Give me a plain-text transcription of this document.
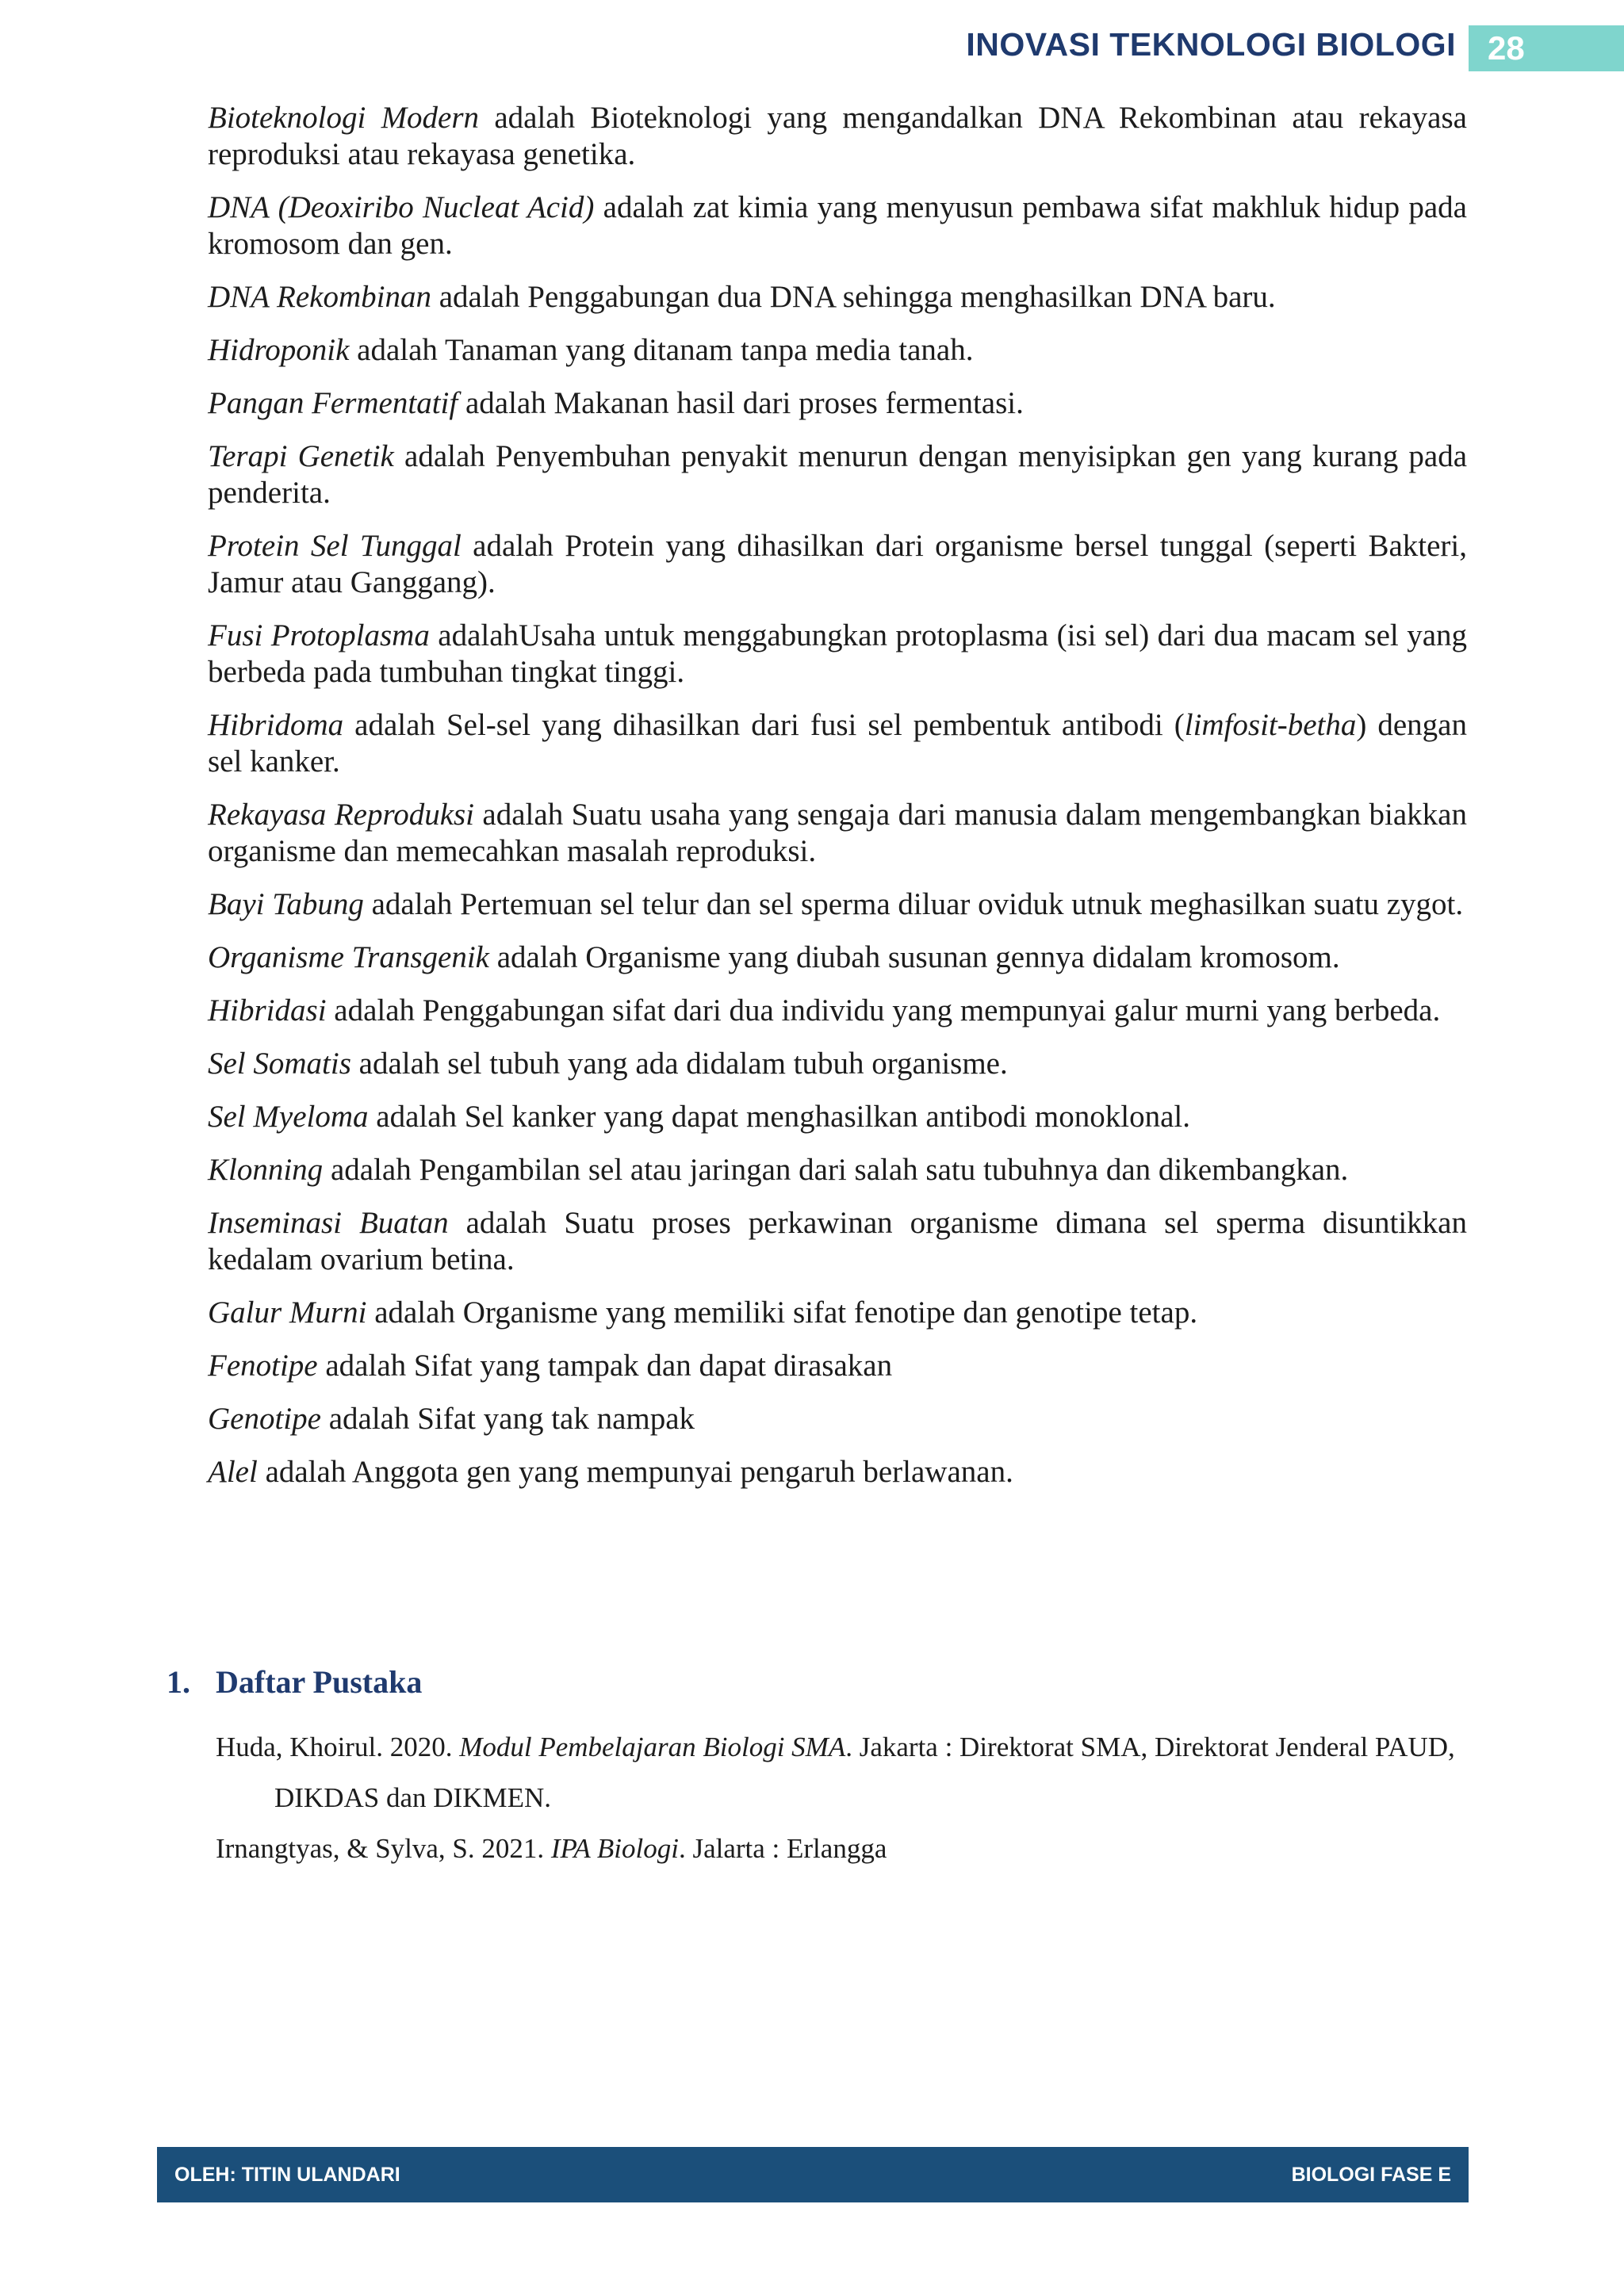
INOVASI TEKNOLOGI BIOLOGI 28

Bioteknologi Modern adalah Bioteknologi yang mengandalkan DNA Rekombinan atau rekayasa reproduksi atau rekayasa genetika.

DNA (Deoxiribo Nucleat Acid) adalah zat kimia yang menyusun pembawa sifat makhluk hidup pada kromosom dan gen.

DNA Rekombinan adalah Penggabungan dua DNA sehingga menghasilkan DNA baru.

Hidroponik adalah Tanaman yang ditanam tanpa media tanah.

Pangan Fermentatif adalah Makanan hasil dari proses fermentasi.

Terapi Genetik adalah Penyembuhan penyakit menurun dengan menyisipkan gen yang kurang pada penderita.

Protein Sel Tunggal adalah Protein yang dihasilkan dari organisme bersel tunggal (seperti Bakteri, Jamur atau Ganggang).

Fusi Protoplasma adalahUsaha untuk menggabungkan protoplasma (isi sel) dari dua macam sel yang berbeda pada tumbuhan tingkat tinggi.

Hibridoma adalah Sel-sel yang dihasilkan dari fusi sel pembentuk antibodi (limfosit-betha) dengan sel kanker.

Rekayasa Reproduksi adalah Suatu usaha yang sengaja dari manusia dalam mengembangkan biakkan organisme dan memecahkan masalah reproduksi.

Bayi Tabung adalah Pertemuan sel telur dan sel sperma diluar oviduk utnuk meghasilkan suatu zygot.

Organisme Transgenik adalah Organisme yang diubah susunan gennya didalam kromosom.

Hibridasi adalah Penggabungan sifat dari dua individu yang mempunyai galur murni yang berbeda.

Sel Somatis adalah sel tubuh yang ada didalam tubuh organisme.

Sel Myeloma adalah Sel kanker yang dapat menghasilkan antibodi monoklonal.

Klonning adalah Pengambilan sel atau jaringan dari salah satu tubuhnya dan dikembangkan.

Inseminasi Buatan adalah Suatu proses perkawinan organisme dimana sel sperma disuntikkan kedalam ovarium betina.

Galur Murni adalah Organisme yang memiliki sifat fenotipe dan genotipe tetap.

Fenotipe adalah Sifat yang tampak dan dapat dirasakan

Genotipe adalah Sifat yang tak nampak

Alel adalah Anggota gen yang mempunyai pengaruh berlawanan.

1. Daftar Pustaka
Huda, Khoirul. 2020. Modul Pembelajaran Biologi SMA. Jakarta : Direktorat SMA, Direktorat Jenderal PAUD, DIKDAS dan DIKMEN.
Irnangtyas, & Sylva, S. 2021. IPA Biologi. Jalarta : Erlangga
OLEH: TITIN ULANDARI	BIOLOGI FASE E
